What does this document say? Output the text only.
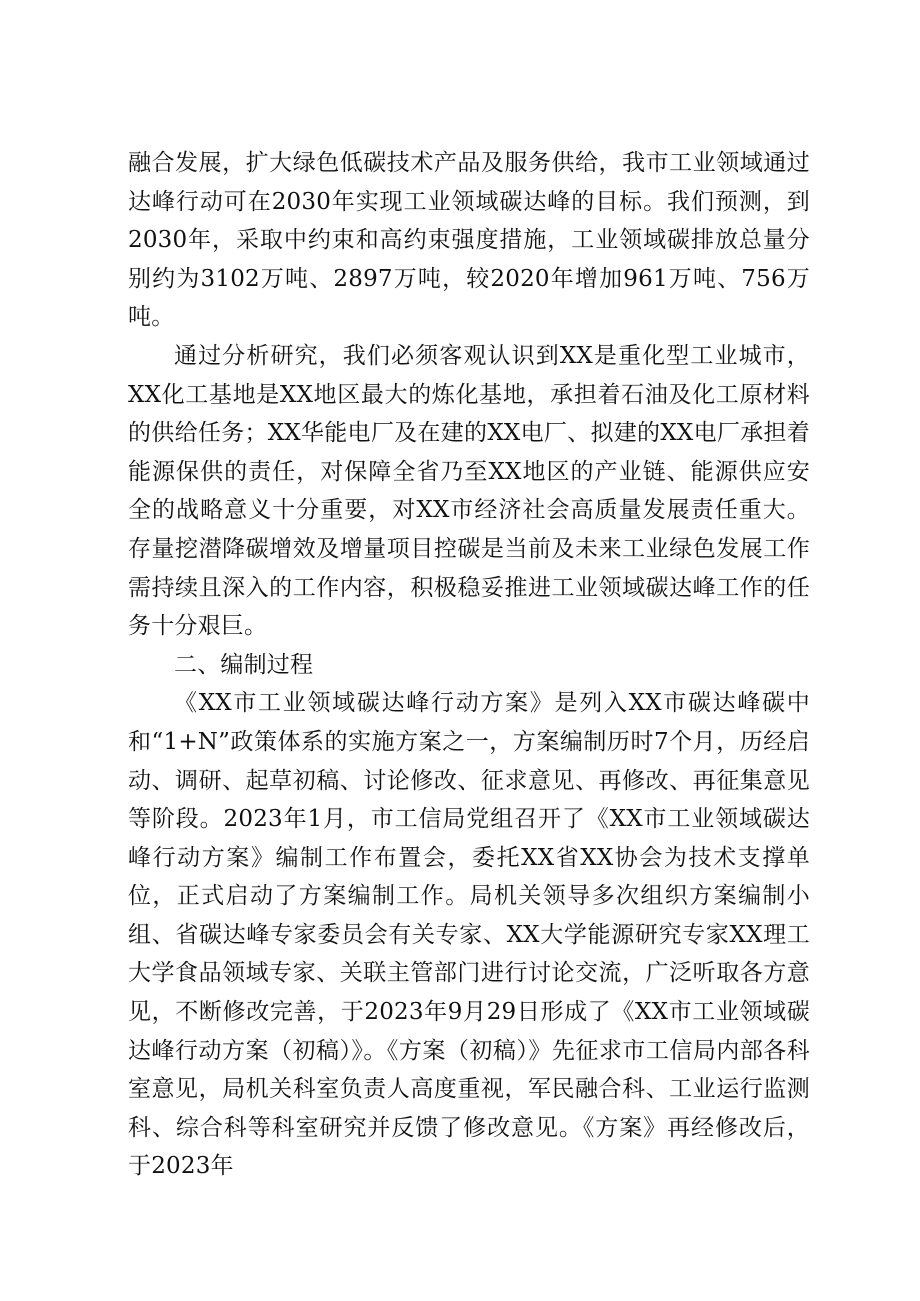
融合发展，扩大绿色低碳技术产品及服务供给，我市工业领域通过达峰行动可在2030年实现工业领域碳达峰的目标。我们预测，到2030年，采取中约束和高约束强度措施，工业领域碳排放总量分别约为3102万吨、2897万吨，较2020年增加961万吨、756万吨。

通过分析研究，我们必须客观认识到XX是重化型工业城市，XX化工基地是XX地区最大的炼化基地，承担着石油及化工原材料的供给任务；XX华能电厂及在建的XX电厂、拟建的XX电厂承担着能源保供的责任，对保障全省乃至XX地区的产业链、能源供应安全的战略意义十分重要，对XX市经济社会高质量发展责任重大。存量挖潜降碳增效及增量项目控碳是当前及未来工业绿色发展工作需持续且深入的工作内容，积极稳妥推进工业领域碳达峰工作的任务十分艰巨。

二、编制过程

《XX市工业领域碳达峰行动方案》是列入XX市碳达峰碳中和“1+N”政策体系的实施方案之一，方案编制历时7个月，历经启动、调研、起草初稿、讨论修改、征求意见、再修改、再征集意见等阶段。2023年1月，市工信局党组召开了《XX市工业领域碳达峰行动方案》编制工作布置会，委托XX省XX协会为技术支撑单位，正式启动了方案编制工作。局机关领导多次组织方案编制小组、省碳达峰专家委员会有关专家、XX大学能源研究专家XX理工大学食品领域专家、关联主管部门进行讨论交流，广泛听取各方意见，不断修改完善，于2023年9月29日形成了《XX市工业领域碳达峰行动方案（初稿）》。《方案（初稿）》先征求市工信局内部各科室意见，局机关科室负责人高度重视，军民融合科、工业运行监测科、综合科等科室研究并反馈了修改意见。《方案》再经修改后，于2023年
